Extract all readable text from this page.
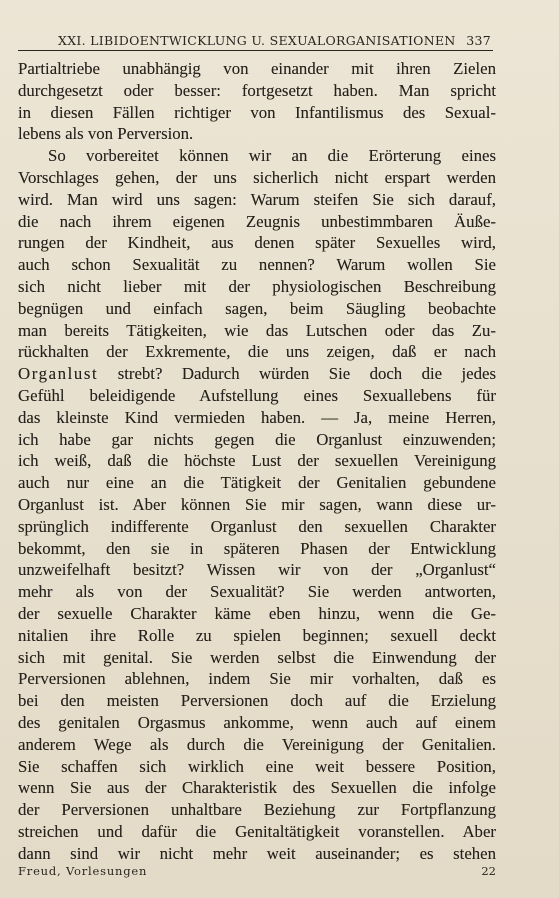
XXI. LIBIDOENTWICKLUNG U. SEXUALORGANISATIONEN 337
Partialtriebe unabhängig von einander mit ihren Zielen
durchgesetzt oder besser: fortgesetzt haben. Man spricht
in diesen Fällen richtiger von Infantilismus des Sexual-
lebens als von Perversion.
So vorbereitet können wir an die Erörterung eines
Vorschlages gehen, der uns sicherlich nicht erspart werden
wird. Man wird uns sagen: Warum steifen Sie sich darauf,
die nach ihrem eigenen Zeugnis unbestimmbaren Äuße-
rungen der Kindheit, aus denen später Sexuelles wird,
auch schon Sexualität zu nennen? Warum wollen Sie
sich nicht lieber mit der physiologischen Beschreibung
begnügen und einfach sagen, beim Säugling beobachte
man bereits Tätigkeiten, wie das Lutschen oder das Zu-
rückhalten der Exkremente, die uns zeigen, daß er nach
Organlust strebt? Dadurch würden Sie doch die jedes
Gefühl beleidigende Aufstellung eines Sexuallebens für
das kleinste Kind vermieden haben. — Ja, meine Herren,
ich habe gar nichts gegen die Organlust einzuwenden;
ich weiß, daß die höchste Lust der sexuellen Vereinigung
auch nur eine an die Tätigkeit der Genitalien gebundene
Organlust ist. Aber können Sie mir sagen, wann diese ur-
sprünglich indifferente Organlust den sexuellen Charakter
bekommt, den sie in späteren Phasen der Entwicklung
unzweifelhaft besitzt? Wissen wir von der „Organlust“
mehr als von der Sexualität? Sie werden antworten,
der sexuelle Charakter käme eben hinzu, wenn die Ge-
nitalien ihre Rolle zu spielen beginnen; sexuell deckt
sich mit genital. Sie werden selbst die Einwendung der
Perversionen ablehnen, indem Sie mir vorhalten, daß es
bei den meisten Perversionen doch auf die Erzielung
des genitalen Orgasmus ankomme, wenn auch auf einem
anderem Wege als durch die Vereinigung der Genitalien.
Sie schaffen sich wirklich eine weit bessere Position,
wenn Sie aus der Charakteristik des Sexuellen die infolge
der Perversionen unhaltbare Beziehung zur Fortpflanzung
streichen und dafür die Genitaltätigkeit voranstellen. Aber
dann sind wir nicht mehr weit auseinander; es stehen
Freud, Vorlesungen	22
